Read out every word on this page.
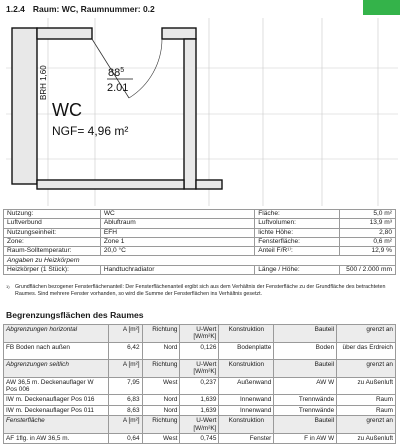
1.2.4 Raum: WC, Raumnummer: 0.2
$88^5$
2.01
BRH 1,60
WC
NGF= 4,96 m²
Nutzung:	WC	Fläche:	5,0 m²
Luftverbund	Abluftraum	Luftvolumen:	13,9 m³
Nutzungseinheit:	EFH	lichte Höhe:	2,80
Zone:	Zone 1	Fensterfläche:	0,6 m²
Raum-Solltemperatur:	20,0 °C	Anteil F/R¹⁾:	12,9 %
Angaben zu Heizkörpern			
Heizkörper (1 Stück):	Handtuchradiator	Länge / Höhe:	500 / 2.000 mm
1)	Grundflächen bezogener Fensterflächenanteil: Der Fensterflächenanteil ergibt sich aus dem Verhältnis der Fensterfläche zu der Grundfläche des betrachteten Raumes. Sind mehrere Fenster vorhanden, so wird die Summe der Fensterflächen ins Verhältnis gesetzt.
Begrenzungsflächen des Raumes
Abgrenzungen horizontal	A [m²]	Richtung	U-Wert [W/m²K]	Konstruktion	Bauteil	grenzt an
FB Boden nach außen	6,42	Nord	0,126	Bodenplatte	Boden	über das Erdreich
Abgrenzungen seitlich	A [m²]	Richtung	U-Wert [W/m²K]	Konstruktion	Bauteil	grenzt an
AW 36,5 m. Deckenauflager W Pos 006	7,95	West	0,237	Außenwand	AW W	zu Außenluft
IW m. Deckenauflager Pos 016	6,83	Nord	1,639	Innenwand	Trennwände	Raum
IW m. Deckenauflager Pos 011	8,63	Nord	1,639	Innenwand	Trennwände	Raum
Fensterfläche	A [m²]	Richtung	U-Wert [W/m²K]	Konstruktion	Bauteil	grenzt an
AF 1flg. in AW 36,5 m.	0,64	West	0,745	Fenster	F in AW W	zu Außenluft
